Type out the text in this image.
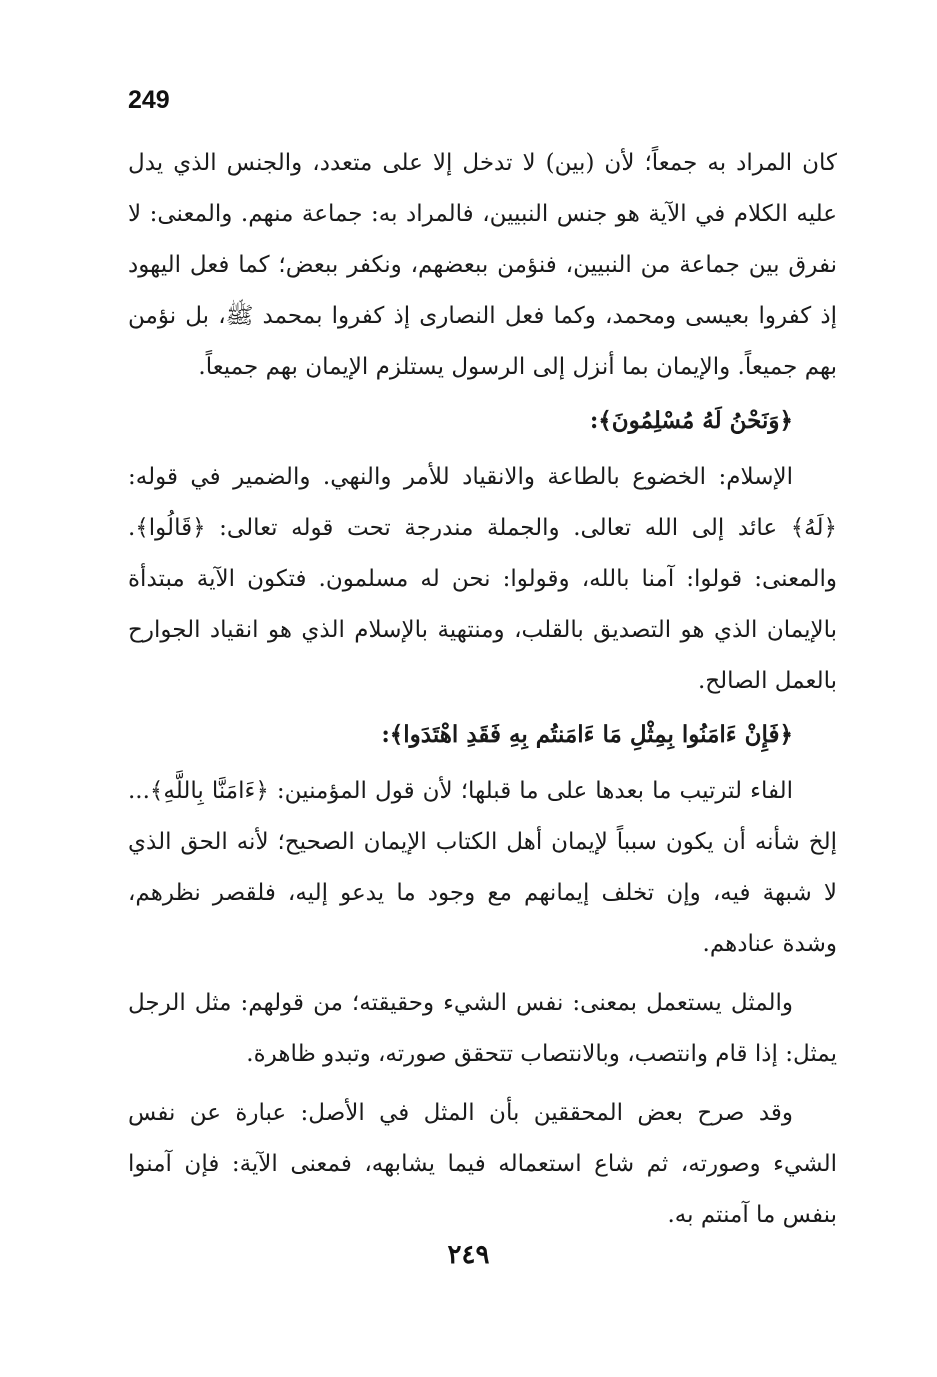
249

كان المراد به جمعاً؛ لأن (بين) لا تدخل إلا على متعدد، والجنس الذي يدل عليه الكلام في الآية هو جنس النبيين، فالمراد به: جماعة منهم. والمعنى: لا نفرق بين جماعة من النبيين، فنؤمن ببعضهم، ونكفر ببعض؛ كما فعل اليهود إذ كفروا بعيسى ومحمد، وكما فعل النصارى إذ كفروا بمحمد ﷺ، بل نؤمن بهم جميعاً. والإيمان بما أنزل إلى الرسول يستلزم الإيمان بهم جميعاً.

﴿وَنَحْنُ لَهُ مُسْلِمُونَ﴾:

الإسلام: الخضوع بالطاعة والانقياد للأمر والنهي. والضمير في قوله: ﴿لَهُ﴾ عائد إلى الله تعالى. والجملة مندرجة تحت قوله تعالى: ﴿قَالُوا﴾. والمعنى: قولوا: آمنا بالله، وقولوا: نحن له مسلمون. فتكون الآية مبتدأة بالإيمان الذي هو التصديق بالقلب، ومنتهية بالإسلام الذي هو انقياد الجوارح بالعمل الصالح.

﴿فَإِنْ ءَامَنُوا بِمِثْلِ مَا ءَامَنتُم بِهِ فَقَدِ اهْتَدَوا﴾:

الفاء لترتيب ما بعدها على ما قبلها؛ لأن قول المؤمنين: ﴿ءَامَنَّا بِاللَّهِ﴾... إلخ شأنه أن يكون سبباً لإيمان أهل الكتاب الإيمان الصحيح؛ لأنه الحق الذي لا شبهة فيه، وإن تخلف إيمانهم مع وجود ما يدعو إليه، فلقصر نظرهم، وشدة عنادهم.

والمثل يستعمل بمعنى: نفس الشيء وحقيقته؛ من قولهم: مثل الرجل يمثل: إذا قام وانتصب، وبالانتصاب تتحقق صورته، وتبدو ظاهرة.

وقد صرح بعض المحققين بأن المثل في الأصل: عبارة عن نفس الشيء وصورته، ثم شاع استعماله فيما يشابهه، فمعنى الآية: فإن آمنوا بنفس ما آمنتم به.

٢٤٩
